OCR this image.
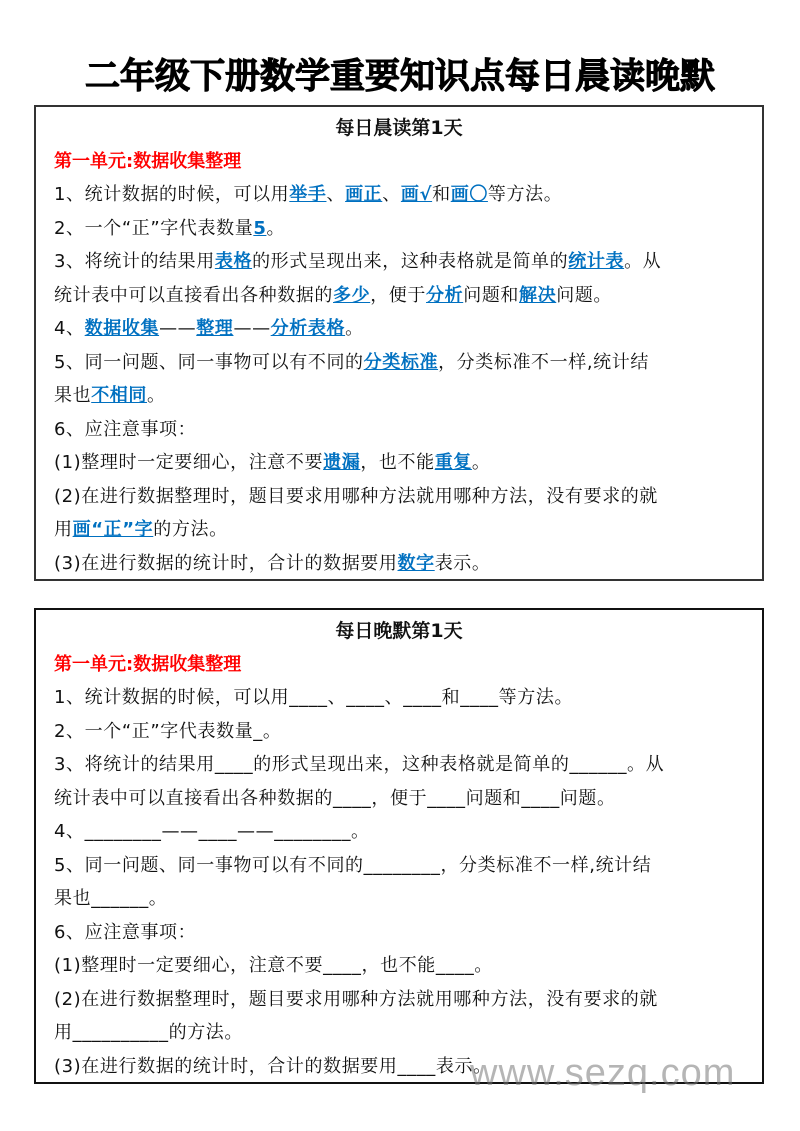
二年级下册数学重要知识点每日晨读晚默
每日晨读第1天
第一单元:数据收集整理
1、统计数据的时候，可以用举手、画正、画√和画〇等方法。
2、一个“正”字代表数量5。
3、将统计的结果用表格的形式呈现出来，这种表格就是简单的统计表。从
统计表中可以直接看出各种数据的多少，便于分析问题和解决问题。
4、数据收集——整理——分析表格。
5、同一问题、同一事物可以有不同的分类标准，分类标准不一样,统计结
果也不相同。
6、应注意事项：
(1)整理时一定要细心，注意不要遗漏，也不能重复。
(2)在进行数据整理时，题目要求用哪种方法就用哪种方法，没有要求的就
用画“正”字的方法。
(3)在进行数据的统计时，合计的数据要用数字表示。
每日晚默第1天
第一单元:数据收集整理
1、统计数据的时候，可以用____、____、____和____等方法。
2、一个“正”字代表数量_。
3、将统计的结果用____的形式呈现出来，这种表格就是简单的______。从
统计表中可以直接看出各种数据的____，便于____问题和____问题。
4、________——____——________。
5、同一问题、同一事物可以有不同的________，分类标准不一样,统计结
果也______。
6、应注意事项：
(1)整理时一定要细心，注意不要____，也不能____。
(2)在进行数据整理时，题目要求用哪种方法就用哪种方法，没有要求的就
用__________的方法。
(3)在进行数据的统计时，合计的数据要用____表示。
www.sezq.com
